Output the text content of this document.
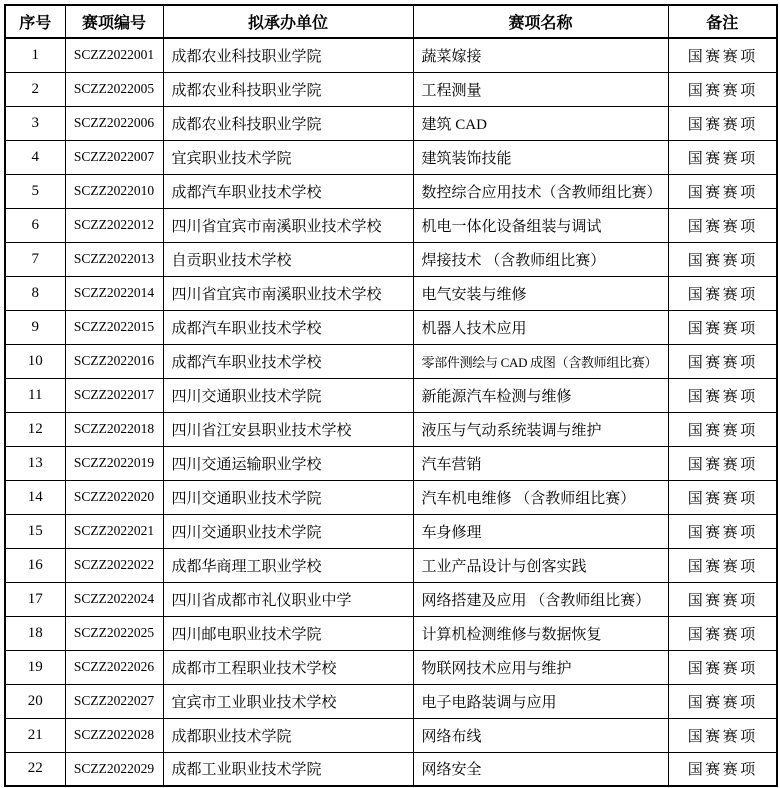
序号	赛项编号	拟承办单位	赛项名称	备注
1	SCZZ2022001	成都农业科技职业学院	蔬菜嫁接	国赛赛项
2	SCZZ2022005	成都农业科技职业学院	工程测量	国赛赛项
3	SCZZ2022006	成都农业科技职业学院	建筑 CAD	国赛赛项
4	SCZZ2022007	宜宾职业技术学院	建筑装饰技能	国赛赛项
5	SCZZ2022010	成都汽车职业技术学校	数控综合应用技术（含教师组比赛）	国赛赛项
6	SCZZ2022012	四川省宜宾市南溪职业技术学校	机电一体化设备组装与调试	国赛赛项
7	SCZZ2022013	自贡职业技术学校	焊接技术 （含教师组比赛）	国赛赛项
8	SCZZ2022014	四川省宜宾市南溪职业技术学校	电气安装与维修	国赛赛项
9	SCZZ2022015	成都汽车职业技术学校	机器人技术应用	国赛赛项
10	SCZZ2022016	成都汽车职业技术学校	零部件测绘与 CAD 成图（含教师组比赛）	国赛赛项
11	SCZZ2022017	四川交通职业技术学院	新能源汽车检测与维修	国赛赛项
12	SCZZ2022018	四川省江安县职业技术学校	液压与气动系统装调与维护	国赛赛项
13	SCZZ2022019	四川交通运输职业学校	汽车营销	国赛赛项
14	SCZZ2022020	四川交通职业技术学院	汽车机电维修 （含教师组比赛）	国赛赛项
15	SCZZ2022021	四川交通职业技术学院	车身修理	国赛赛项
16	SCZZ2022022	成都华商理工职业学校	工业产品设计与创客实践	国赛赛项
17	SCZZ2022024	四川省成都市礼仪职业中学	网络搭建及应用 （含教师组比赛）	国赛赛项
18	SCZZ2022025	四川邮电职业技术学院	计算机检测维修与数据恢复	国赛赛项
19	SCZZ2022026	成都市工程职业技术学校	物联网技术应用与维护	国赛赛项
20	SCZZ2022027	宜宾市工业职业技术学校	电子电路装调与应用	国赛赛项
21	SCZZ2022028	成都职业技术学院	网络布线	国赛赛项
22	SCZZ2022029	成都工业职业技术学院	网络安全	国赛赛项
